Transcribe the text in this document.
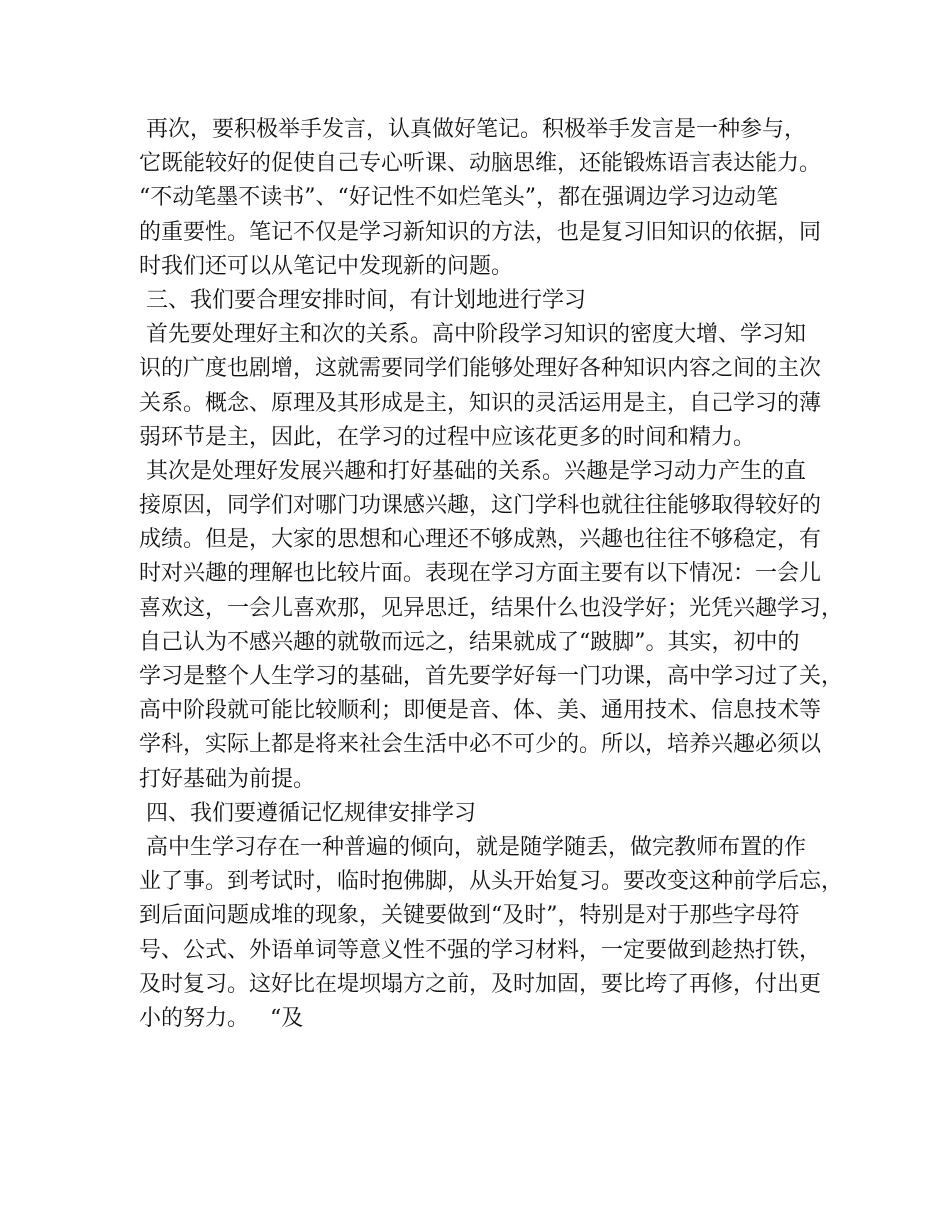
再次，要积极举手发言，认真做好笔记。积极举手发言是一种参与，
它既能较好的促使自己专心听课、动脑思维，还能锻炼语言表达能力。
“不动笔墨不读书”、“好记性不如烂笔头”，都在强调边学习边动笔
的重要性。笔记不仅是学习新知识的方法，也是复习旧知识的依据，同
时我们还可以从笔记中发现新的问题。
三、我们要合理安排时间，有计划地进行学习
首先要处理好主和次的关系。高中阶段学习知识的密度大增、学习知
识的广度也剧增，这就需要同学们能够处理好各种知识内容之间的主次
关系。概念、原理及其形成是主，知识的灵活运用是主，自己学习的薄
弱环节是主，因此，在学习的过程中应该花更多的时间和精力。
其次是处理好发展兴趣和打好基础的关系。兴趣是学习动力产生的直
接原因，同学们对哪门功课感兴趣，这门学科也就往往能够取得较好的
成绩。但是，大家的思想和心理还不够成熟，兴趣也往往不够稳定，有
时对兴趣的理解也比较片面。表现在学习方面主要有以下情况：一会儿
喜欢这，一会儿喜欢那，见异思迁，结果什么也没学好；光凭兴趣学习，
自己认为不感兴趣的就敬而远之，结果就成了“跛脚”。其实，初中的
学习是整个人生学习的基础，首先要学好每一门功课，高中学习过了关，
高中阶段就可能比较顺利；即便是音、体、美、通用技术、信息技术等
学科，实际上都是将来社会生活中必不可少的。所以，培养兴趣必须以
打好基础为前提。
四、我们要遵循记忆规律安排学习
高中生学习存在一种普遍的倾向，就是随学随丢，做完教师布置的作
业了事。到考试时，临时抱佛脚，从头开始复习。要改变这种前学后忘，
到后面问题成堆的现象，关键要做到“及时”，特别是对于那些字母符
号、公式、外语单词等意义性不强的学习材料，一定要做到趁热打铁，
及时复习。这好比在堤坝塌方之前，及时加固，要比垮了再修，付出更
小的努力。   “及
